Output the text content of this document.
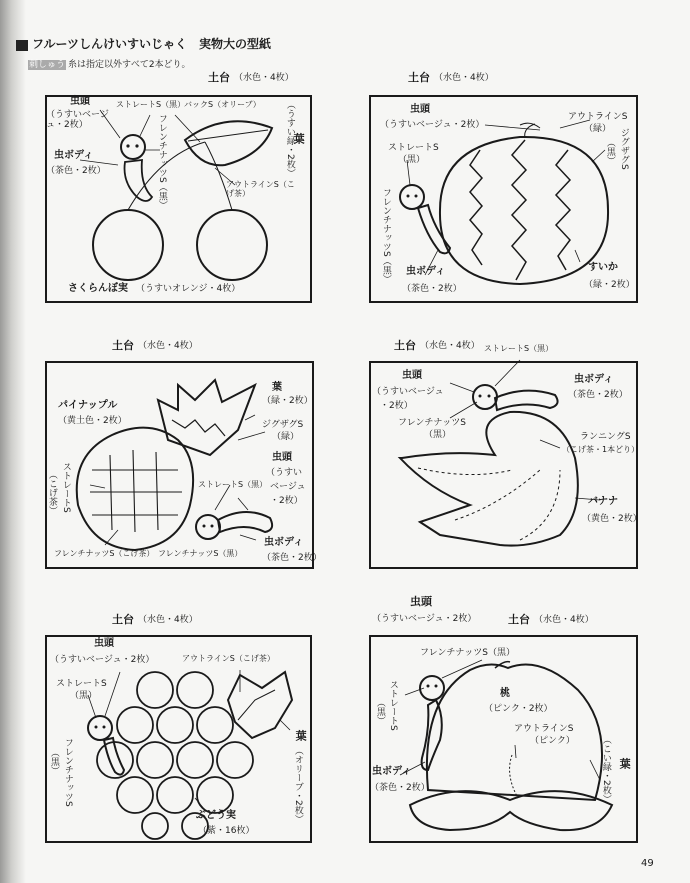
フルーツしんけいすいじゃく　実物大の型紙
刺しゅう 糸は指定以外すべて2本どり。
土台 （水色・4枚）
虫頭
（うすいベージュ・2枚）
虫ボディ
（茶色・2枚）
ストレートS（黒）
バックS（オリーブ）
フレンチナッツS（黒）	アウトラインS（こげ茶）
葉
（うすい緑・2枚）
さくらんぼ実 （うすいオレンジ・4枚）
土台 （水色・4枚）
虫頭
（うすいベージュ・2枚）
ストレートS
（黒）
フレンチナッツS（黒）
アウトラインS
（緑） ジグザグS
（黒）
虫ボディ
（茶色・2枚）
すいか
（緑・2枚）
土台 （水色・4枚）
葉
（緑・2枚）
パイナップル
（黄土色・2枚）	ジグザグS
（緑）
虫頭
（うすい
ベージュ
・2枚）
ストレートS（黒）
ストレートS
（こげ茶）
フレンチナッツS（こげ茶） フレンチナッツS（黒）
虫ボディ
（茶色・2枚）
土台 （水色・4枚） ストレートS（黒）
虫頭
（うすいベージュ
・2枚）
虫ボディ
（茶色・2枚）
フレンチナッツS
（黒）	ランニングS
（こげ茶・1本どり）
バナナ
（黄色・2枚）
土台 （水色・4枚）
虫頭
（うすいベージュ・2枚）	アウトラインS（こげ茶）
ストレートS
（黒）
フレンチナッツS
（黒）
葉
（オリーブ・2枚）
ぶどう実
（紫・16枚）
虫頭
（うすいベージュ・2枚）	土台 （水色・4枚）
フレンチナッツS（黒）
ストレートS
（黒）
桃
（ピンク・2枚）
アウトラインS
（ピンク）
葉
（こい緑・2枚）
虫ボディ
（茶色・2枚）
49
